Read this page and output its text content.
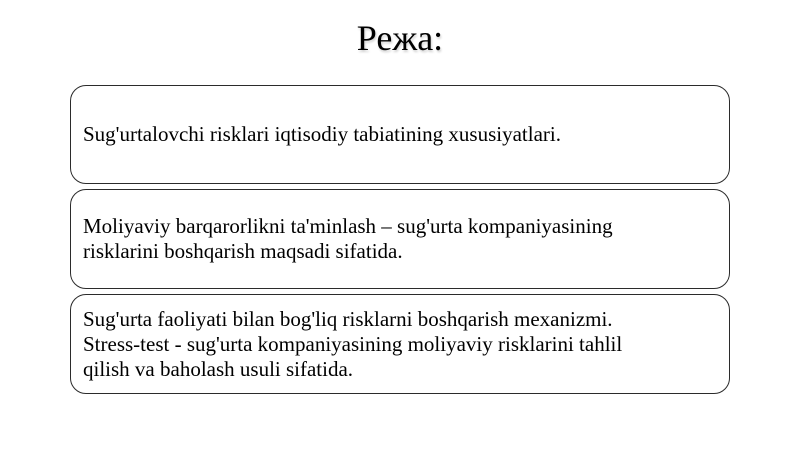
Режа:

Sug'urtalovchi risklari iqtisodiy tabiatining xususiyatlari.

Moliyaviy barqarorlikni ta'minlash – sug'urta kompaniyasining

risklarini boshqarish maqsadi sifatida.

Sug'urta faoliyati bilan bog'liq risklarni boshqarish mexanizmi.

Stress-test - sug'urta kompaniyasining moliyaviy risklarini tahlil

qilish va baholash usuli sifatida.
